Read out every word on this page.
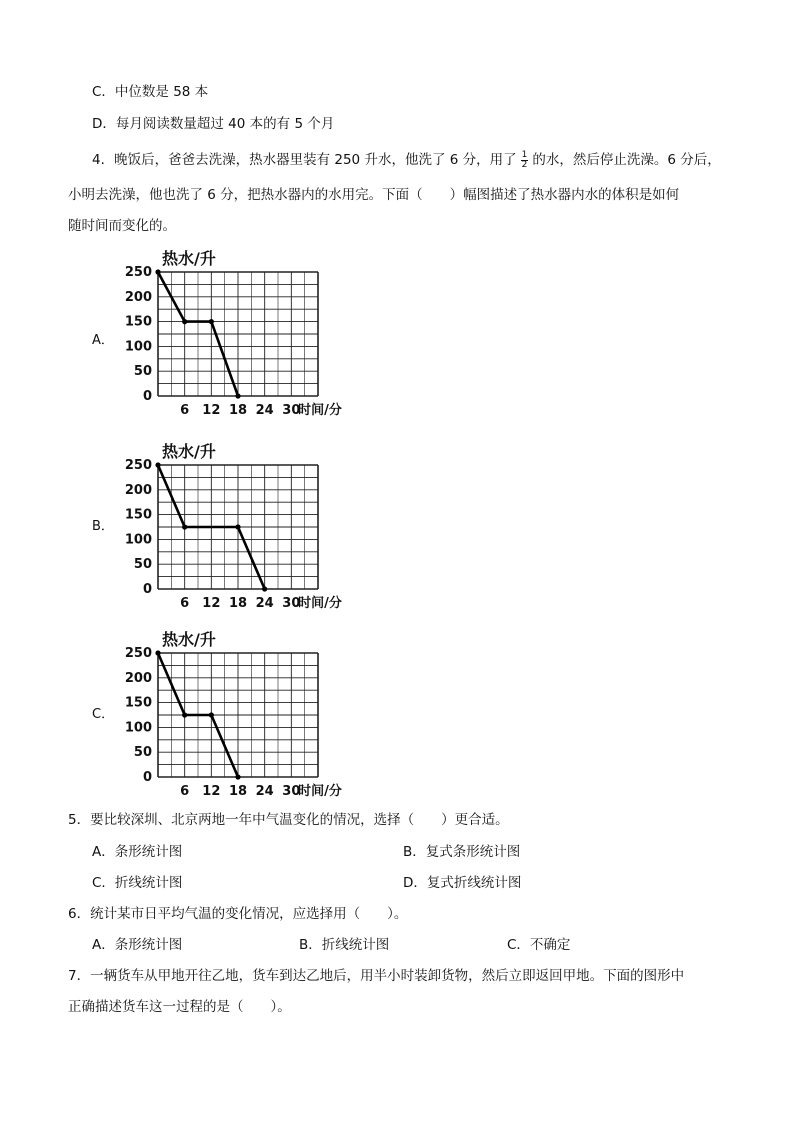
C．中位数是 58 本
D．每月阅读数量超过 40 本的有 5 个月
4．晚饭后，爸爸去洗澡，热水器里装有 250 升水，他洗了 6 分，用了 $\frac{1}{2}$ 的水，然后停止洗澡。6 分后，
小明去洗澡，他也洗了 6 分，把热水器内的水用完。下面（　　）幅图描述了热水器内水的体积是如何
随时间而变化的。
A．
B．
C．
热水/升
250
200
150
100
50
0
6 12 18 24 30
时间/分
热水/升
250
200
150
100
50
0
6 12 18 24 30
时间/分
热水/升
250
200
150
100
50
0
6 12 18 24 30
时间/分
5．要比较深圳、北京两地一年中气温变化的情况，选择（　　）更合适。
A．条形统计图	B．复式条形统计图
C．折线统计图	D．复式折线统计图
6．统计某市日平均气温的变化情况，应选择用（　　）。
A．条形统计图	B．折线统计图	C．不确定
7．一辆货车从甲地开往乙地，货车到达乙地后，用半小时装卸货物，然后立即返回甲地。下面的图形中
正确描述货车这一过程的是（　　）。
